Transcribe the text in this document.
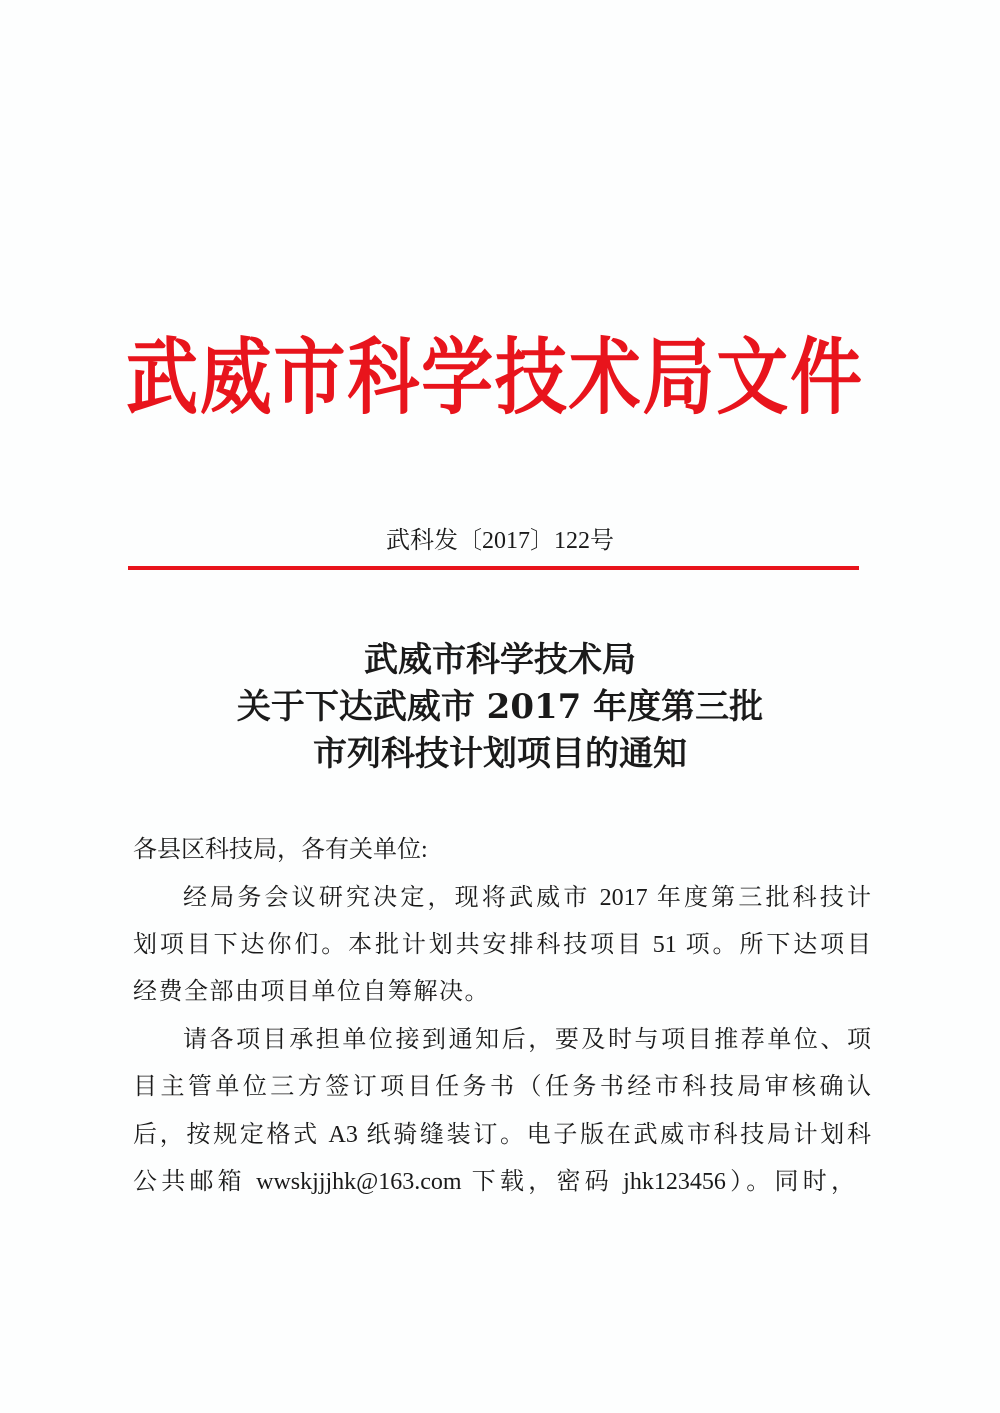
武威市科学技术局文件
武科发〔2017〕122号
武威市科学技术局
关于下达武威市 2017 年度第三批
市列科技计划项目的通知
各县区科技局，各有关单位:
经局务会议研究决定，现将武威市 2017 年度第三批科技计
划项目下达你们。本批计划共安排科技项目 51 项。所下达项目
经费全部由项目单位自筹解决。
请各项目承担单位接到通知后，要及时与项目推荐单位、项
目主管单位三方签订项目任务书（任务书经市科技局审核确认
后，按规定格式 A3 纸骑缝装订。电子版在武威市科技局计划科
公共邮箱 wwskjjjhk@163.com 下载，密码 jhk123456）。同时，
